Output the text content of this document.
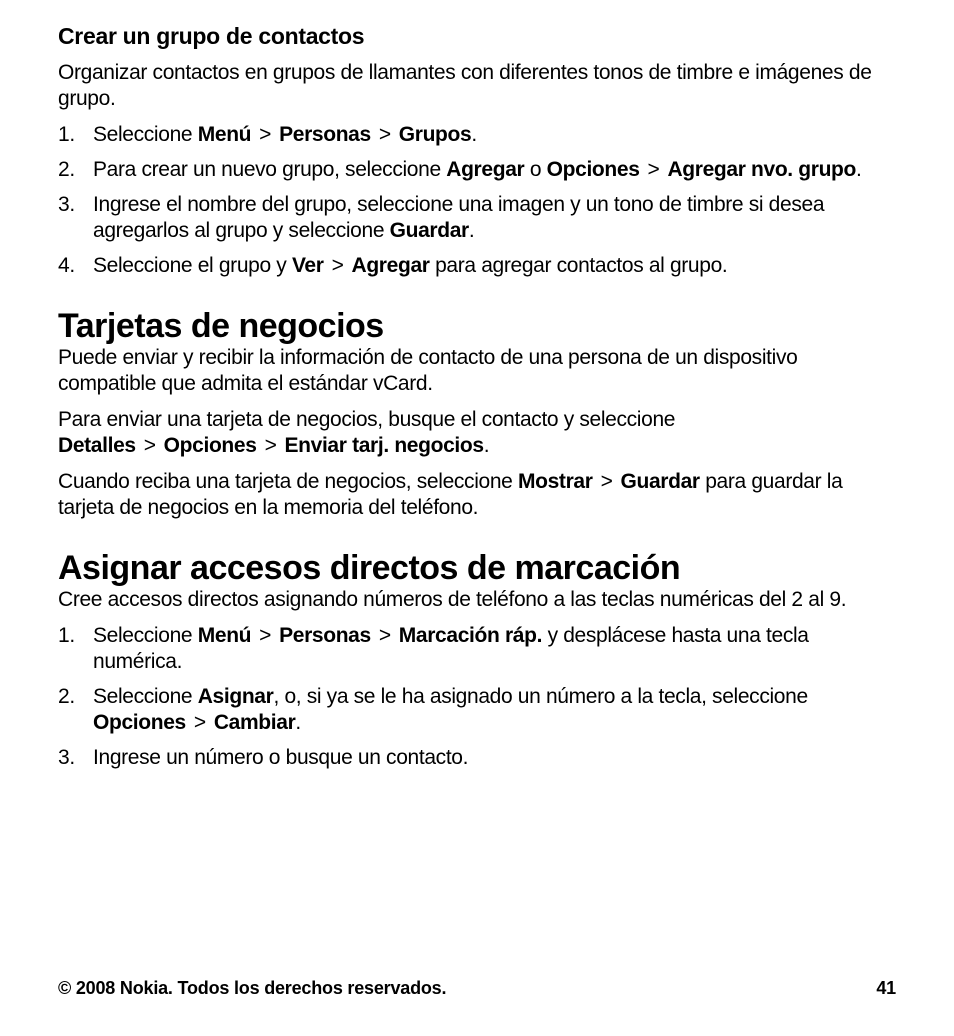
Crear un grupo de contactos

Organizar contactos en grupos de llamantes con diferentes tonos de timbre e imágenes de grupo.

1. Seleccione Menú > Personas > Grupos.
2. Para crear un nuevo grupo, seleccione Agregar o Opciones > Agregar nvo. grupo.
3. Ingrese el nombre del grupo, seleccione una imagen y un tono de timbre si desea agregarlos al grupo y seleccione Guardar.
4. Seleccione el grupo y Ver > Agregar para agregar contactos al grupo.
Tarjetas de negocios

Puede enviar y recibir la información de contacto de una persona de un dispositivo compatible que admita el estándar vCard.

Para enviar una tarjeta de negocios, busque el contacto y seleccione Detalles > Opciones > Enviar tarj. negocios.

Cuando reciba una tarjeta de negocios, seleccione Mostrar > Guardar para guardar la tarjeta de negocios en la memoria del teléfono.

Asignar accesos directos de marcación

Cree accesos directos asignando números de teléfono a las teclas numéricas del 2 al 9.

1. Seleccione Menú > Personas > Marcación ráp. y desplácese hasta una tecla numérica.
2. Seleccione Asignar, o, si ya se le ha asignado un número a la tecla, seleccione Opciones > Cambiar.
3. Ingrese un número o busque un contacto.
© 2008 Nokia. Todos los derechos reservados.	41
